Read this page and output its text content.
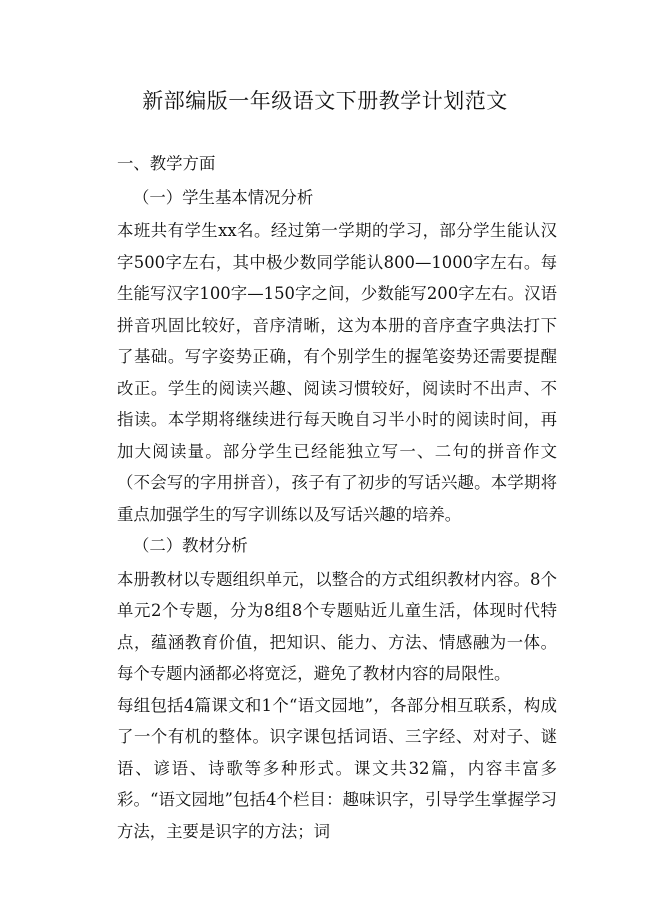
新部编版一年级语文下册教学计划范文

一、教学方面

（一）学生基本情况分析

本班共有学生xx名。经过第一学期的学习，部分学生能认汉字500字左右，其中极少数同学能认800—1000字左右。每生能写汉字100字—150字之间，少数能写200字左右。汉语拼音巩固比较好，音序清晰，这为本册的音序查字典法打下了基础。写字姿势正确，有个别学生的握笔姿势还需要提醒改正。学生的阅读兴趣、阅读习惯较好，阅读时不出声、不指读。本学期将继续进行每天晚自习半小时的阅读时间，再加大阅读量。部分学生已经能独立写一、二句的拼音作文（不会写的字用拼音），孩子有了初步的写话兴趣。本学期将重点加强学生的写字训练以及写话兴趣的培养。

（二）教材分析

本册教材以专题组织单元，以整合的方式组织教材内容。8个单元2个专题，分为8组8个专题贴近儿童生活，体现时代特点，蕴涵教育价值，把知识、能力、方法、情感融为一体。每个专题内涵都必将宽泛，避免了教材内容的局限性。

每组包括4篇课文和1个“语文园地”，各部分相互联系，构成了一个有机的整体。识字课包括词语、三字经、对对子、谜语、谚语、诗歌等多种形式。课文共32篇，内容丰富多彩。“语文园地”包括4个栏目：趣味识字，引导学生掌握学习方法，主要是识字的方法；词
